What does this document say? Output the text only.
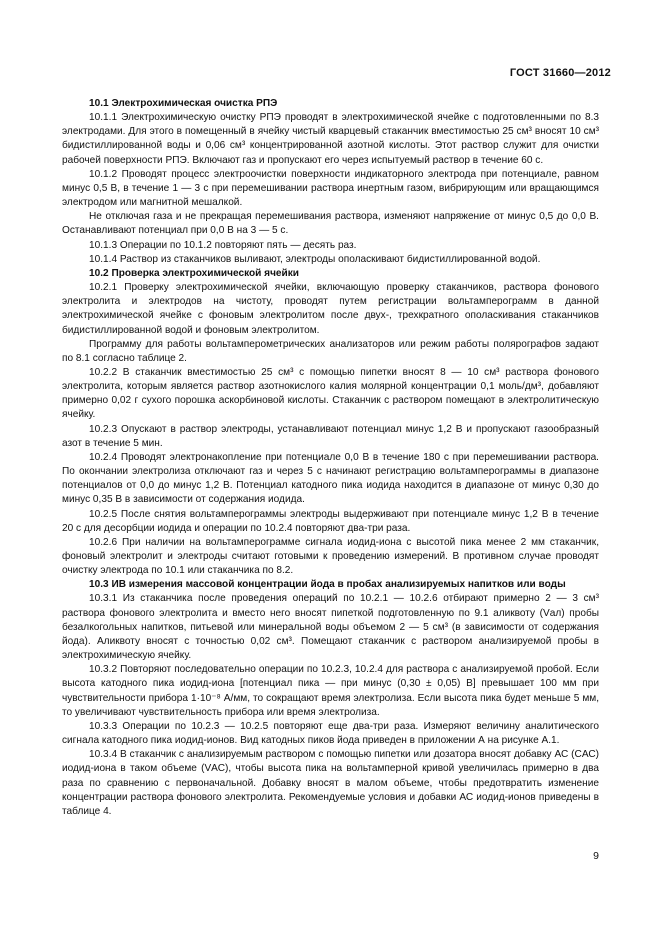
ГОСТ 31660—2012

10.1 Электрохимическая очистка РПЭ

10.1.1 Электрохимическую очистку РПЭ проводят в электрохимической ячейке с подготовленными по 8.3 электродами. Для этого в помещенный в ячейку чистый кварцевый стаканчик вместимостью 25 см³ вносят 10 см³ бидистиллированной воды и 0,06 см³ концентрированной азотной кислоты. Этот раствор служит для очистки рабочей поверхности РПЭ. Включают газ и пропускают его через испытуемый раствор в течение 60 с.

10.1.2 Проводят процесс электроочистки поверхности индикаторного электрода при потенциале, равном минус 0,5 В, в течение 1 — 3 с при перемешивании раствора инертным газом, вибрирующим или вращающимся электродом или магнитной мешалкой.

Не отключая газа и не прекращая перемешивания раствора, изменяют напряжение от минус 0,5 до 0,0 В. Останавливают потенциал при 0,0 В на 3 — 5 с.

10.1.3 Операции по 10.1.2 повторяют пять — десять раз.

10.1.4 Раствор из стаканчиков выливают, электроды ополаскивают бидистиллированной водой.

10.2 Проверка электрохимической ячейки

10.2.1 Проверку электрохимической ячейки, включающую проверку стаканчиков, раствора фонового электролита и электродов на чистоту, проводят путем регистрации вольтамперограмм в данной электрохимической ячейке с фоновым электролитом после двух-, трехкратного ополаскивания стаканчиков бидистиллированной водой и фоновым электролитом.

Программу для работы вольтамперометрических анализаторов или режим работы полярографов задают по 8.1 согласно таблице 2.

10.2.2 В стаканчик вместимостью 25 см³ с помощью пипетки вносят 8 — 10 см³ раствора фонового электролита, которым является раствор азотнокислого калия молярной концентрации 0,1 моль/дм³, добавляют примерно 0,02 г сухого порошка аскорбиновой кислоты. Стаканчик с раствором помещают в электролитическую ячейку.

10.2.3 Опускают в раствор электроды, устанавливают потенциал минус 1,2 В и пропускают газообразный азот в течение 5 мин.

10.2.4 Проводят электронакопление при потенциале 0,0 В в течение 180 с при перемешивании раствора. По окончании электролиза отключают газ и через 5 с начинают регистрацию вольтамперограммы в диапазоне потенциалов от 0,0 до минус 1,2 В. Потенциал катодного пика иодида находится в диапазоне от минус 0,30 до минус 0,35 В в зависимости от содержания иодида.

10.2.5 После снятия вольтамперограммы электроды выдерживают при потенциале минус 1,2 В в течение 20 с для десорбции иодида и операции по 10.2.4 повторяют два-три раза.

10.2.6 При наличии на вольтамперограмме сигнала иодид-иона с высотой пика менее 2 мм стаканчик, фоновый электролит и электроды считают готовыми к проведению измерений. В противном случае проводят очистку электрода по 10.1 или стаканчика по 8.2.

10.3 ИВ измерения массовой концентрации йода в пробах анализируемых напитков или воды

10.3.1 Из стаканчика после проведения операций по 10.2.1 — 10.2.6 отбирают примерно 2 — 3 см³ раствора фонового электролита и вместо него вносят пипеткой подготовленную по 9.1 аликвоту (Vал) пробы безалкогольных напитков, питьевой или минеральной воды объемом 2 — 5 см³ (в зависимости от содержания йода). Аликвоту вносят с точностью 0,02 см³. Помещают стаканчик с раствором анализируемой пробы в электрохимическую ячейку.

10.3.2 Повторяют последовательно операции по 10.2.3, 10.2.4 для раствора с анализируемой пробой. Если высота катодного пика иодид-иона [потенциал пика — при минус (0,30 ± 0,05) В] превышает 100 мм при чувствительности прибора 1·10⁻⁸ А/мм, то сокращают время электролиза. Если высота пика будет меньше 5 мм, то увеличивают чувствительность прибора или время электролиза.

10.3.3 Операции по 10.2.3 — 10.2.5 повторяют еще два-три раза. Измеряют величину аналитического сигнала катодного пика иодид-ионов. Вид катодных пиков йода приведен в приложении А на рисунке А.1.

10.3.4 В стаканчик с анализируемым раствором с помощью пипетки или дозатора вносят добавку АС (CАС) иодид-иона в таком объеме (VАС), чтобы высота пика на вольтамперной кривой увеличилась примерно в два раза по сравнению с первоначальной. Добавку вносят в малом объеме, чтобы предотвратить изменение концентрации раствора фонового электролита. Рекомендуемые условия и добавки АС иодид-ионов приведены в таблице 4.

9
